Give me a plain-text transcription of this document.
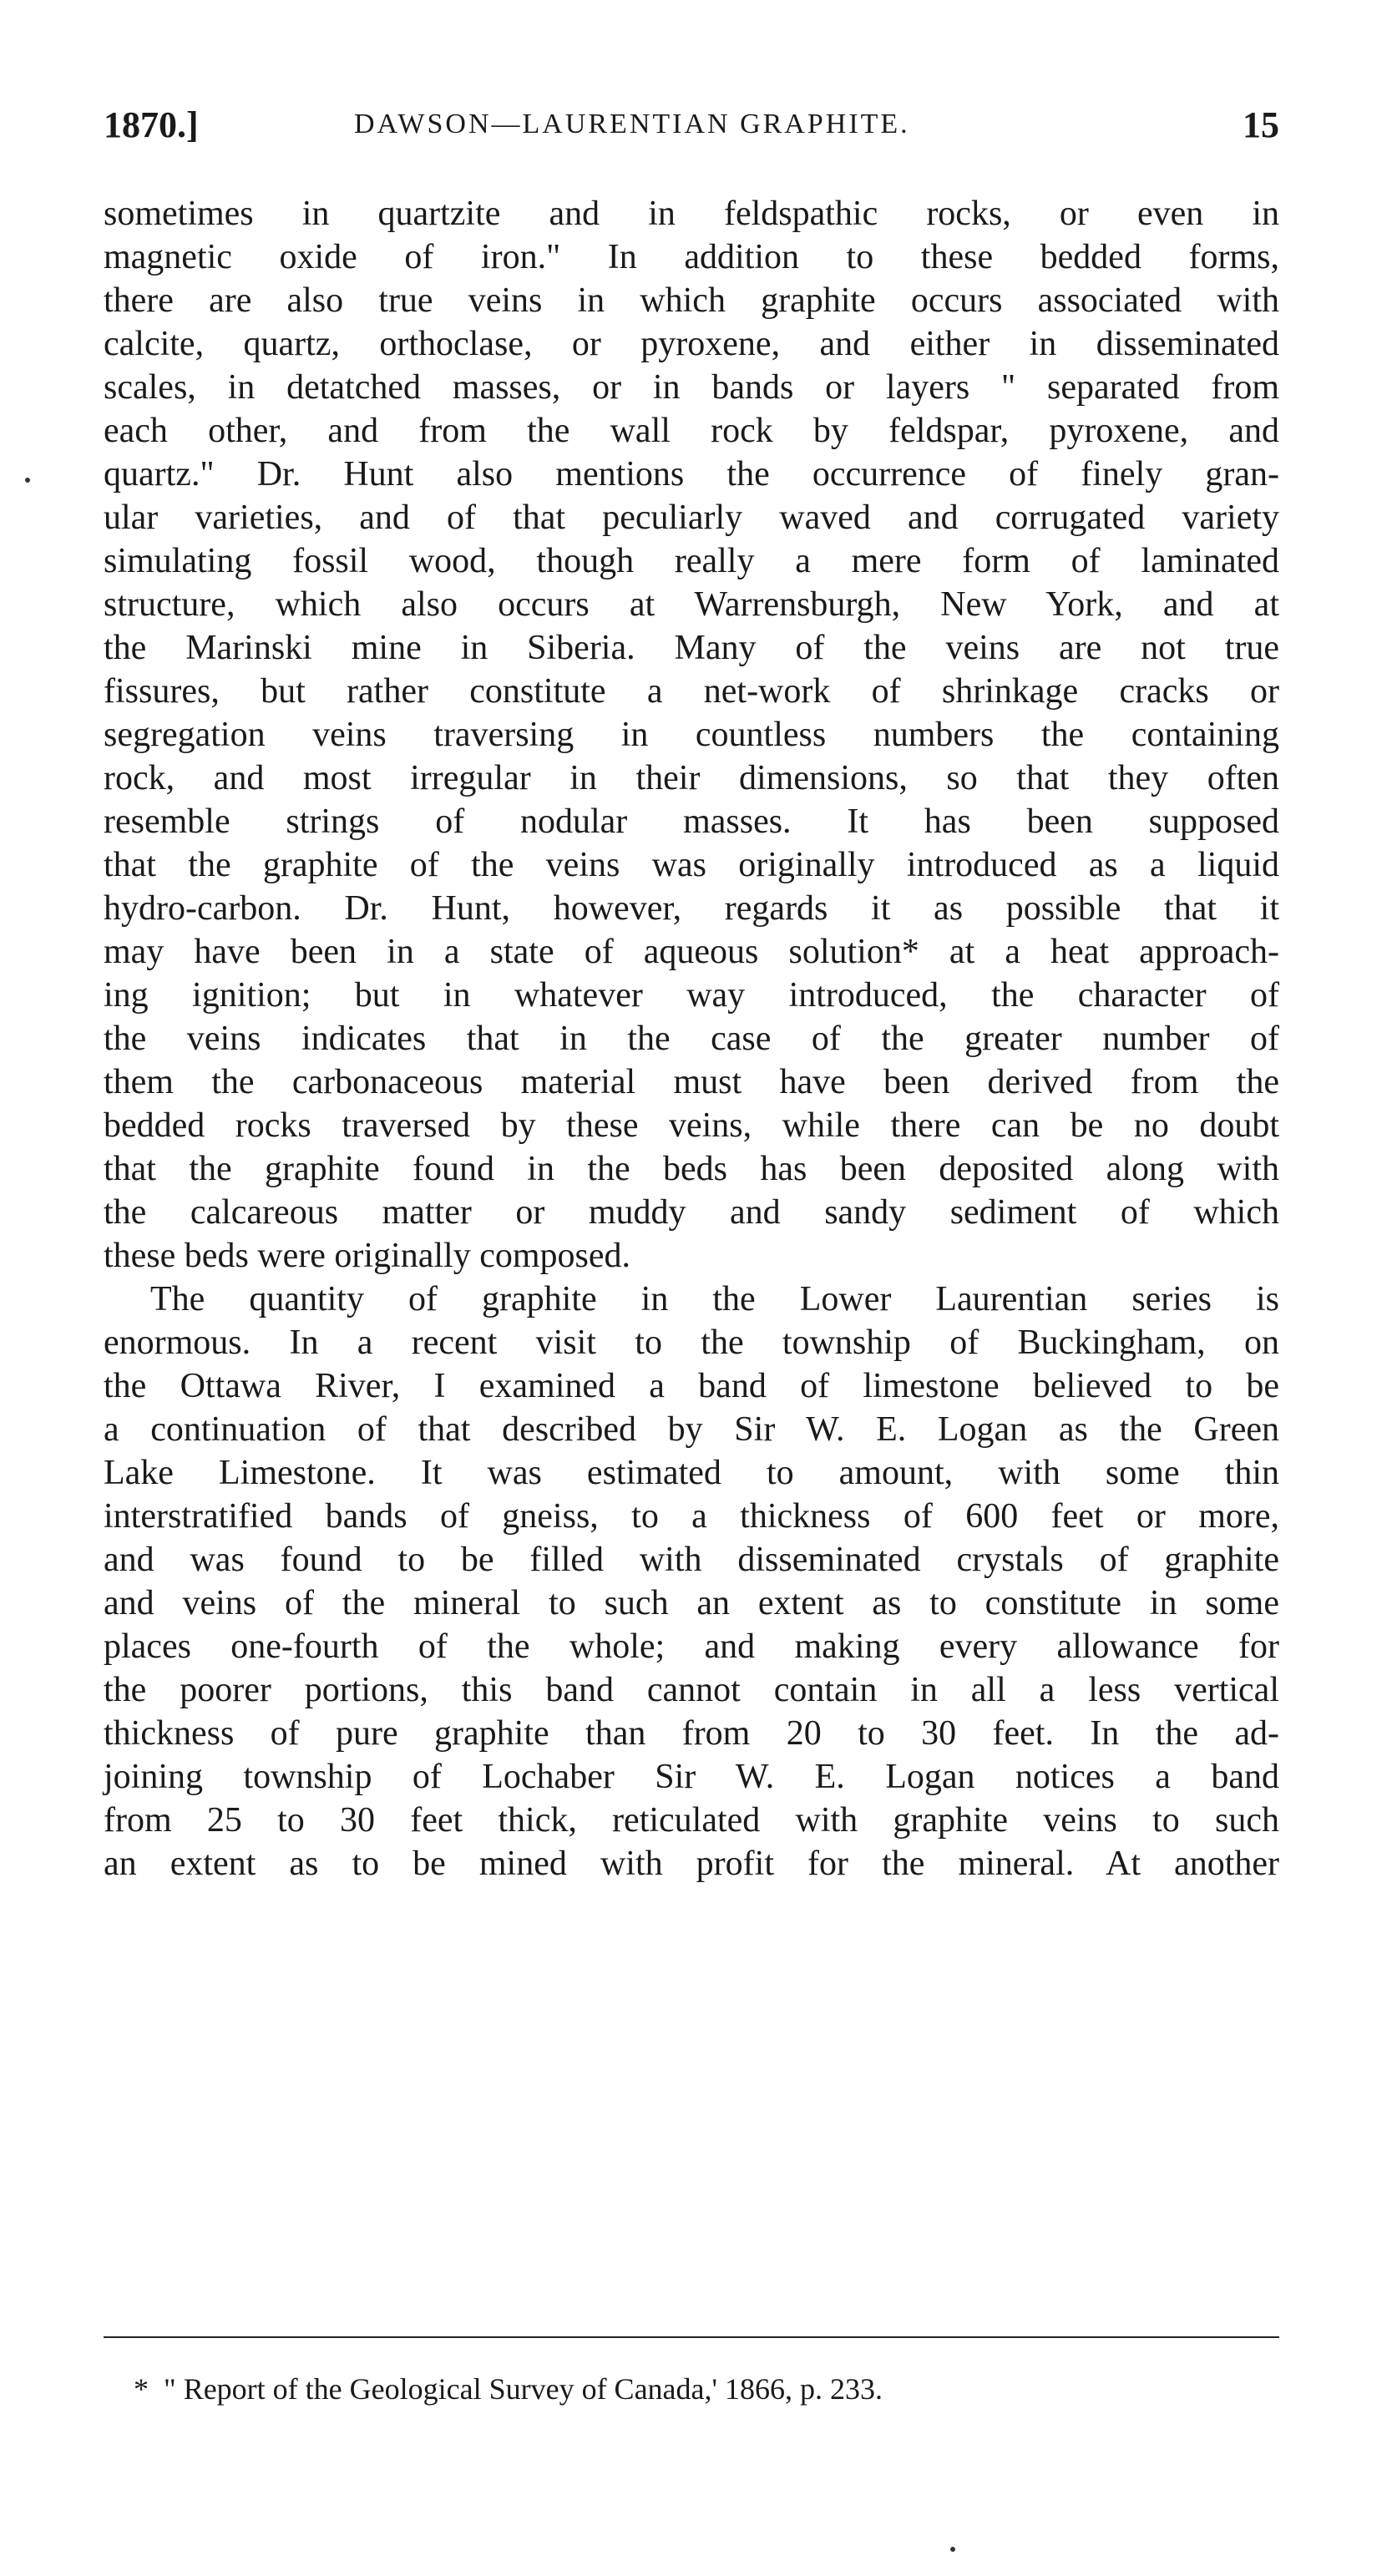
1870.]	DAWSON—LAURENTIAN GRAPHITE.	15
sometimes in quartzite and in feldspathic rocks, or even in
magnetic oxide of iron." In addition to these bedded forms,
there are also true veins in which graphite occurs associated with
calcite, quartz, orthoclase, or pyroxene, and either in disseminated
scales, in detatched masses, or in bands or layers " separated from
each other, and from the wall rock by feldspar, pyroxene, and
quartz." Dr. Hunt also mentions the occurrence of finely gran-
ular varieties, and of that peculiarly waved and corrugated variety
simulating fossil wood, though really a mere form of laminated
structure, which also occurs at Warrensburgh, New York, and at
the Marinski mine in Siberia. Many of the veins are not true
fissures, but rather constitute a net-work of shrinkage cracks or
segregation veins traversing in countless numbers the containing
rock, and most irregular in their dimensions, so that they often
resemble strings of nodular masses. It has been supposed
that the graphite of the veins was originally introduced as a liquid
hydro-carbon. Dr. Hunt, however, regards it as possible that it
may have been in a state of aqueous solution* at a heat approach-
ing ignition; but in whatever way introduced, the character of
the veins indicates that in the case of the greater number of
them the carbonaceous material must have been derived from the
bedded rocks traversed by these veins, while there can be no doubt
that the graphite found in the beds has been deposited along with
the calcareous matter or muddy and sandy sediment of which
these beds were originally composed.
The quantity of graphite in the Lower Laurentian series is
enormous. In a recent visit to the township of Buckingham, on
the Ottawa River, I examined a band of limestone believed to be
a continuation of that described by Sir W. E. Logan as the Green
Lake Limestone. It was estimated to amount, with some thin
interstratified bands of gneiss, to a thickness of 600 feet or more,
and was found to be filled with disseminated crystals of graphite
and veins of the mineral to such an extent as to constitute in some
places one-fourth of the whole; and making every allowance for
the poorer portions, this band cannot contain in all a less vertical
thickness of pure graphite than from 20 to 30 feet. In the ad-
joining township of Lochaber Sir W. E. Logan notices a band
from 25 to 30 feet thick, reticulated with graphite veins to such
an extent as to be mined with profit for the mineral. At another
* " Report of the Geological Survey of Canada,' 1866, p. 233.
